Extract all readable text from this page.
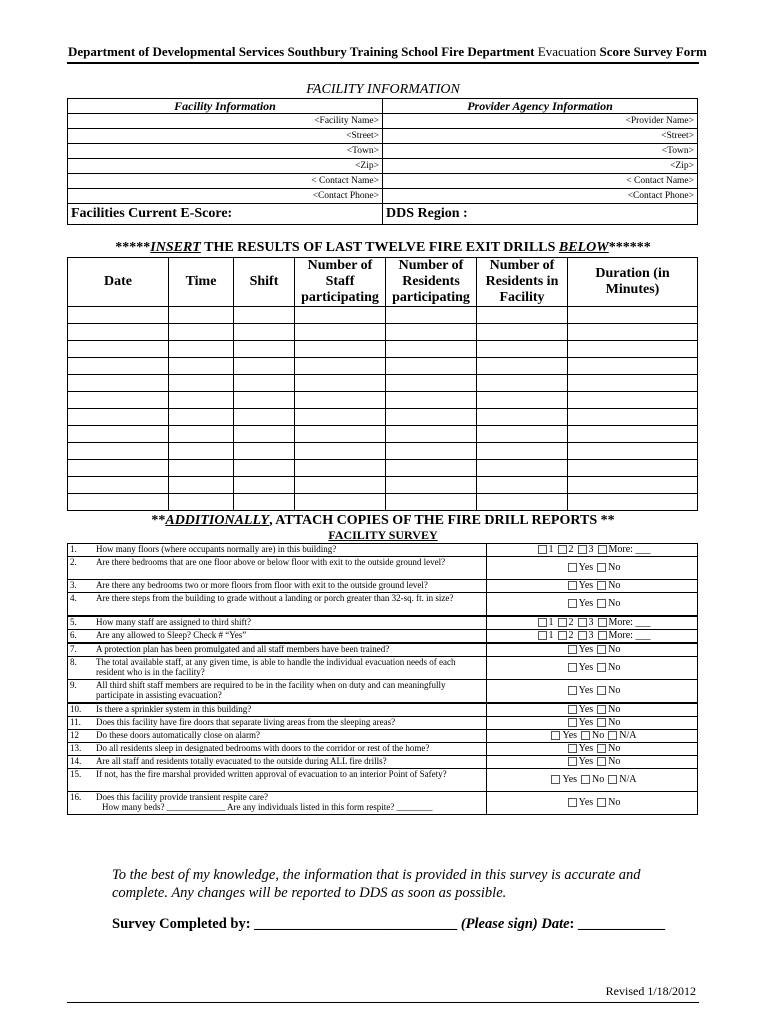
Department of Developmental Services Southbury Training School Fire Department Evacuation Score Survey Form
FACILITY INFORMATION
Facility Information	Provider Agency Information
<Facility Name>	<Provider Name>
<Street>	<Street>
<Town>	<Town>
<Zip>	<Zip>
< Contact Name>	< Contact Name>
<Contact Phone>	<Contact Phone>
Facilities Current E-Score:	DDS Region :
*****INSERT THE RESULTS OF LAST TWELVE FIRE EXIT DRILLS BELOW******
Date	Time	Shift	Number of Staff participating	Number of Residents participating	Number of Residents in Facility	Duration (in Minutes)

**ADDITIONALLY, ATTACH COPIES OF THE FIRE DRILL REPORTS **
FACILITY SURVEY
1.	How many floors (where occupants normally are) in this building?	1 2 3 More: ___
2.	Are there bedrooms that are one floor above or below floor with exit to the outside ground level?	Yes No
3.	Are there any bedrooms two or more floors from floor with exit to the outside ground level?	Yes No
4.	Are there steps from the building to grade without a landing or porch greater than 32-sq. ft. in size?	Yes No
5.	How many staff are assigned to third shift?	1 2 3 More: ___
6.	Are any allowed to Sleep? Check # “Yes”	1 2 3 More: ___
7.	A protection plan has been promulgated and all staff members have been trained?	Yes No
8.	The total available staff, at any given time, is able to handle the individual evacuation needs of each resident who is in the facility?	Yes No
9.	All third shift staff members are required to be in the facility when on duty and can meaningfully participate in assisting evacuation?	Yes No
10.	Is there a sprinkler system in this building?	Yes No
11.	Does this facility have fire doors that separate living areas from the sleeping areas?	Yes No
12	Do these doors automatically close on alarm?	Yes No N/A
13.	Do all residents sleep in designated bedrooms with doors to the corridor or rest of the home?	Yes No
14.	Are all staff and residents totally evacuated to the outside during ALL fire drills?	Yes No
15.	If not, has the fire marshal provided written approval of evacuation to an interior Point of Safety?	Yes No N/A
16.	Does this facility provide transient respite care?
How many beds? _____________ Are any individuals listed in this form respite? ________	Yes No
To the best of my knowledge, the information that is provided in this survey is accurate and complete. Any changes will be reported to DDS as soon as possible.
Survey Completed by: ____________________________ (Please sign) Date: ____________
Revised 1/18/2012
